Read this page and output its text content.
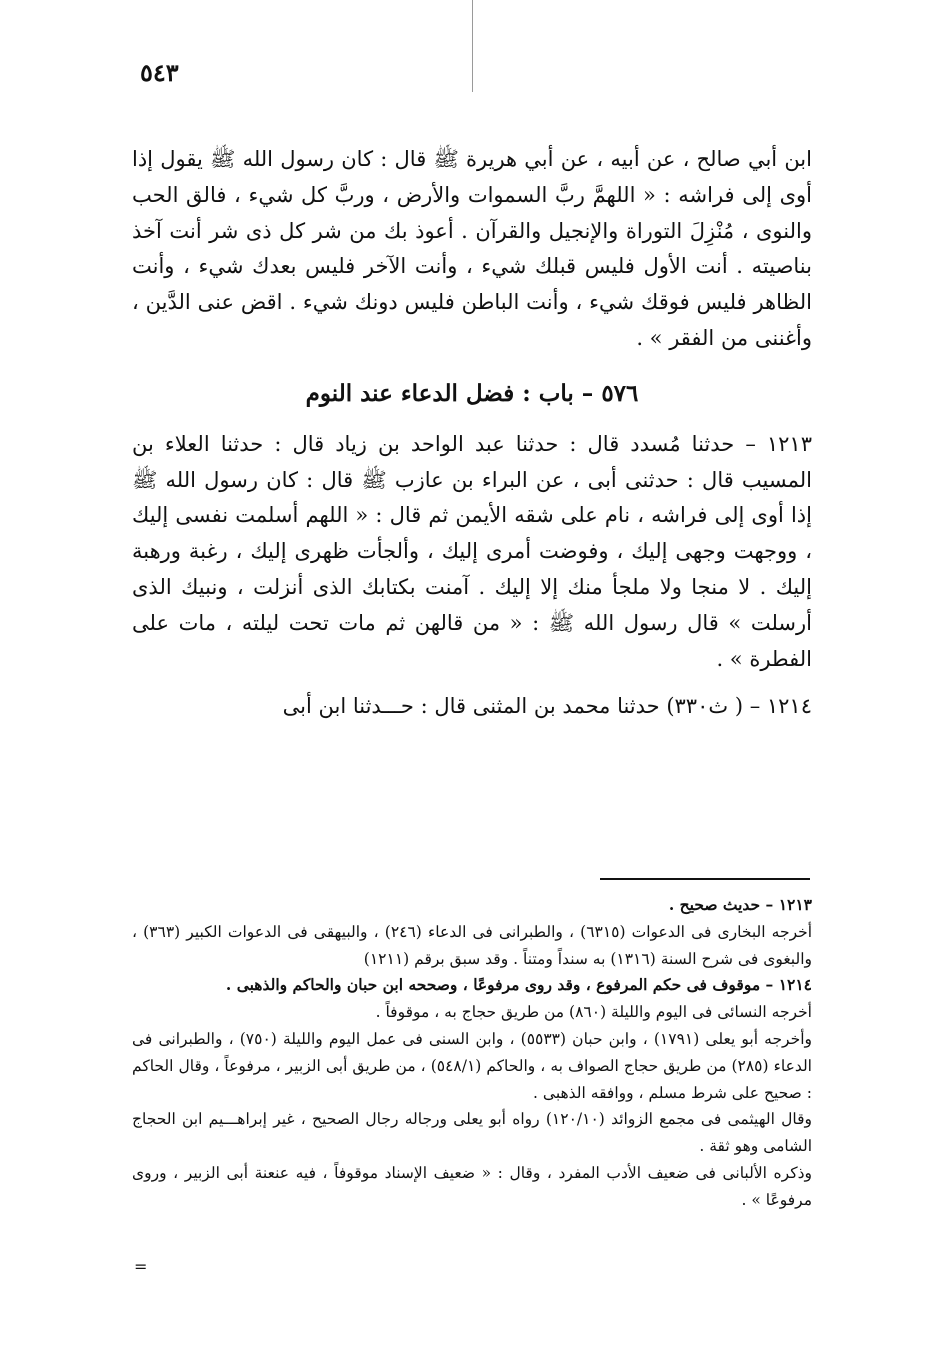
٥٤٣

ابن أبي صالح ، عن أبيه ، عن أبي هريرة ﷺ قال : كان رسول الله ﷺ يقول إذا أوى إلى فراشه : « اللهمَّ ربَّ السموات والأرض ، وربَّ كل شيء ، فالق الحب والنوى ، مُنْزِلَ التوراة والإنجيل والقرآن . أعوذ بك من شر كل ذى شر أنت آخذ بناصيته . أنت الأول فليس قبلك شيء ، وأنت الآخر فليس بعدك شيء ، وأنت الظاهر فليس فوقك شيء ، وأنت الباطن فليس دونك شيء . اقض عنى الدَّين ، وأغننى من الفقر » .

٥٧٦ – باب : فضل الدعاء عند النوم

١٢١٣ – حدثنا مُسدد قال : حدثنا عبد الواحد بن زياد قال : حدثنا العلاء بن المسيب قال : حدثنى أبى ، عن البراء بن عازب ﷺ قال : كان رسول الله ﷺ إذا أوى إلى فراشه ، نام على شقه الأيمن ثم قال : « اللهم أسلمت نفسى إليك ، ووجهت وجهى إليك ، وفوضت أمرى إليك ، وألجأت ظهرى إليك ، رغبة ورهبة إليك . لا منجا ولا ملجأ منك إلا إليك . آمنت بكتابك الذى أنزلت ، ونبيك الذى أرسلت » قال رسول الله ﷺ : « من قالهن ثم مات تحت ليلته ، مات على الفطرة » .

١٢١٤ – ( ث٣٣٠) حدثنا محمد بن المثنى قال : حـــدثنا ابن أبى

١٢١٣ – حديث صحيح .

أخرجه البخارى فى الدعوات (٦٣١٥) ، والطبرانى فى الدعاء (٢٤٦) ، والبيهقى فى الدعوات الكبير (٣٦٣) ، والبغوى فى شرح السنة (١٣١٦) به سنداً ومتناً . وقد سبق برقم (١٢١١)

١٢١٤ – موقوف فى حكم المرفوع ، وقد روى مرفوعًا ، وصححه ابن حبان والحاكم والذهبى .

أخرجه النسائى فى اليوم والليلة (٨٦٠) من طريق حجاج به ، موقوفاً .

وأخرجه أبو يعلى (١٧٩١) ، وابن حبان (٥٥٣٣) ، وابن السنى فى عمل اليوم والليلة (٧٥٠) ، والطبرانى فى الدعاء (٢٨٥) من طريق حجاج الصواف به ، والحاكم (٥٤٨/١) ، من طريق أبى الزبير ، مرفوعاً ، وقال الحاكم : صحيح على شرط مسلم ، ووافقه الذهبى .

وقال الهيثمى فى مجمع الزوائد (١٢٠/١٠) رواه أبو يعلى ورجاله رجال الصحيح ، غير إبراهـــيم ابن الحجاج الشامى وهو ثقة .

وذكره الألبانى فى ضعيف الأدب المفرد ، وقال : « ضعيف الإسناد موقوفاً ، فيه عنعنة أبى الزبير ، وروى مرفوعًا » .

=
